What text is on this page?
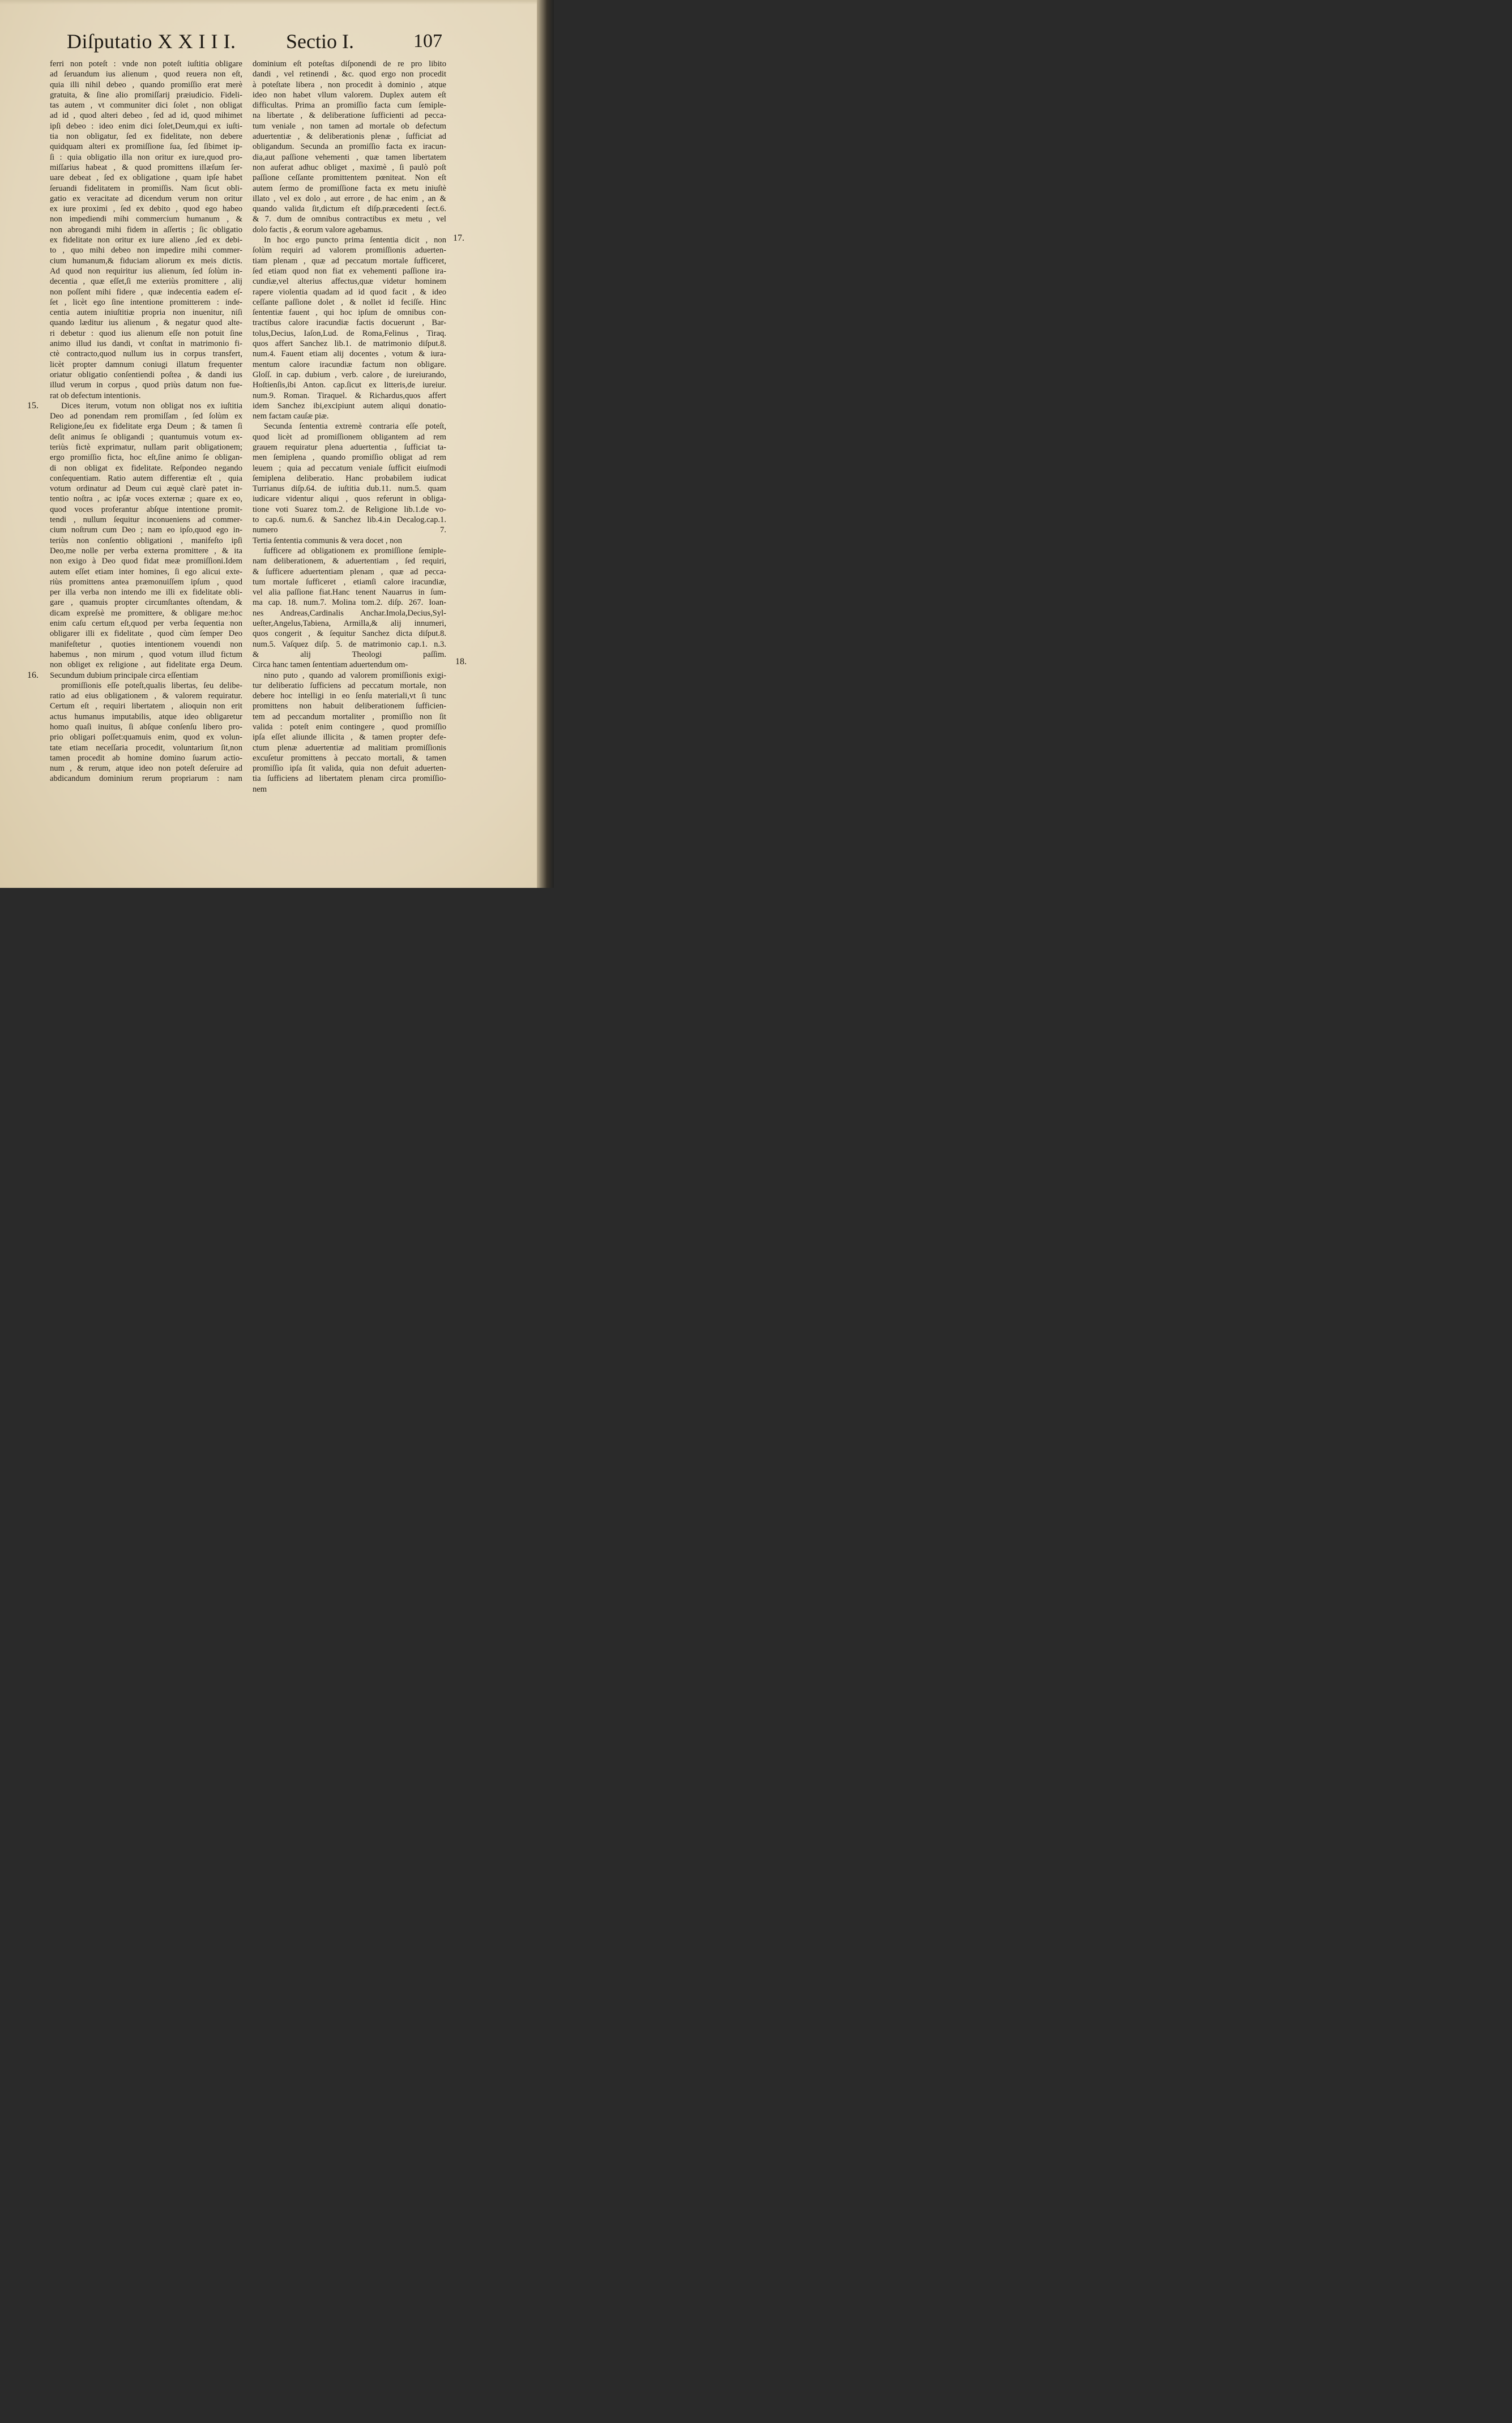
Diſputatio X X I I I. Sectio I.	107
ferri non poteſt : vnde non poteſt iuſtitia obligare
ad ſeruandum ius alienum , quod reuera non eſt,
quia illi nihil debeo , quando promiſſio erat merè
gratuita, & ſine alio promiſſarij præiudicio. Fideli-
tas autem , vt communiter dici ſolet , non obligat
ad id , quod alteri debeo , ſed ad id, quod mihimet
ipſi debeo : ideo enim dici ſolet,Deum,qui ex iuſti-
tia non obligatur, ſed ex fidelitate, non debere
quidquam alteri ex promiſſione ſua, ſed ſibimet ip-
ſi : quia obligatio illa non oritur ex iure,quod pro-
miſſarius habeat , & quod promittens illæſum ſer-
uare debeat , ſed ex obligatione , quam ipſe habet
ſeruandi fidelitatem in promiſſis. Nam ſicut obli-
gatio ex veracitate ad dicendum verum non oritur
ex iure proximi , ſed ex debito , quod ego habeo
non impediendi mihi commercium humanum , &
non abrogandi mihi fidem in aſſertis ; ſic obligatio
ex fidelitate non oritur ex iure alieno ,ſed ex debi-
to , quo mihi debeo non impedire mihi commer-
cium humanum,& fiduciam aliorum ex meis dictis.
Ad quod non requiritur ius alienum, ſed ſolùm in-
decentia , quæ eſſet,ſi me exteriùs promittere , alij
non poſſent mihi fidere , quæ indecentia eadem eſ-
ſet , licèt ego ſine intentione promitterem : inde-
centia autem iniuſtitiæ propria non inuenitur, niſi
quando læditur ius alienum , & negatur quod alte-
ri debetur : quod ius alienum eſſe non potuit ſine
animo illud ius dandi, vt conſtat in matrimonio fi-
ctè contracto,quod nullum ius in corpus transfert,
licèt propter damnum coniugi illatum frequenter
oriatur obligatio conſentiendi poſtea , & dandi ius
illud verum in corpus , quod priùs datum non fue-
rat ob defectum intentionis.
Dices iterum, votum non obligat nos ex iuſtitia
Deo ad ponendam rem promiſſam , ſed ſolùm ex
Religione,ſeu ex fidelitate erga Deum ; & tamen ſi
deſit animus ſe obligandi ; quantumuis votum ex-
teriùs fictè exprimatur, nullam parit obligationem;
ergo promiſſio ficta, hoc eſt,ſine animo ſe obligan-
di non obligat ex fidelitate. Reſpondeo negando
conſequentiam. Ratio autem differentiæ eſt , quia
votum ordinatur ad Deum cui æquè clarè patet in-
tentio noſtra , ac ipſæ voces externæ ; quare ex eo,
quod voces proferantur abſque intentione promit-
tendi , nullum ſequitur inconueniens ad commer-
cium noſtrum cum Deo ; nam eo ipſo,quod ego in-
teriùs non conſentio obligationi , manifeſto ipſi
Deo,me nolle per verba externa promittere , & ita
non exigo à Deo quod fidat meæ promiſſioni.Idem
autem eſſet etiam inter homines, ſi ego alicui exte-
riùs promittens antea præmonuiſſem ipſum , quod
per illa verba non intendo me illi ex fidelitate obli-
gare , quamuis propter circumſtantes oſtendam, &
dicam expreſsè me promittere, & obligare me:hoc
enim caſu certum eſt,quod per verba ſequentia non
obligarer illi ex fidelitate , quod cùm ſemper Deo
manifeſtetur , quoties intentionem vouendi non
habemus , non mirum , quod votum illud fictum
non obliget ex religione , aut fidelitate erga Deum.
Secundum dubium principale circa eſſentiam
promiſſionis eſſe poteſt,qualis libertas, ſeu delibe-
ratio ad eius obligationem , & valorem requiratur.
Certum eſt , requiri libertatem , alioquin non erit
actus humanus imputabilis, atque ideo obligaretur
homo quaſi inuitus, ſi abſque conſenſu libero pro-
prio obligari poſſet:quamuis enim, quod ex volun-
tate etiam neceſſaria procedit, voluntarium ſit,non
tamen procedit ab homine domino ſuarum actio-
num , & rerum, atque ideo non poteſt deſeruire ad
abdicandum dominium rerum propriarum : nam
dominium eſt poteſtas diſponendi de re pro libito
dandi , vel retinendi , &c. quod ergo non procedit
à poteſtate libera , non procedit à dominio , atque
ideo non habet vllum valorem. Duplex autem eſt
difficultas. Prima an promiſſio facta cum ſemiple-
na libertate , & deliberatione ſufficienti ad pecca-
tum veniale , non tamen ad mortale ob defectum
aduertentiæ , & deliberationis plenæ , ſufficiat ad
obligandum. Secunda an promiſſio facta ex iracun-
dia,aut paſſione vehementi , quæ tamen libertatem
non auferat adhuc obliget , maximè , ſi paulò poſt
paſſione ceſſante promittentem pœniteat. Non eſt
autem ſermo de promiſſione facta ex metu iniuſtè
illato , vel ex dolo , aut errore , de hac enim , an &
quando valida ſit,dictum eſt diſp.præcedenti ſect.6.
& 7. dum de omnibus contractibus ex metu , vel
dolo factis , & eorum valore agebamus.
In hoc ergo puncto prima ſententia dicit , non
ſolùm requiri ad valorem promiſſionis aduerten-
tiam plenam , quæ ad peccatum mortale ſufficeret,
ſed etiam quod non fiat ex vehementi paſſione ira-
cundiæ,vel alterius affectus,quæ videtur hominem
rapere violentia quadam ad id quod facit , & ideo
ceſſante paſſione dolet , & nollet id feciſſe. Hinc
ſententiæ fauent , qui hoc ipſum de omnibus con-
tractibus calore iracundiæ factis docuerunt , Bar-
tolus,Decius, Iaſon,Lud. de Roma,Felinus , Tiraq.
quos affert Sanchez lib.1. de matrimonio diſput.8.
num.4. Fauent etiam alij docentes , votum & iura-
mentum calore iracundiæ factum non obligare.
Gloſſ. in cap. dubium , verb. calore , de iureiurando,
Hoſtienſis,ibi Anton. cap.ſicut ex litteris,de iureiur.
num.9. Roman. Tiraquel. & Richardus,quos affert
idem Sanchez ibi,excipiunt autem aliqui donatio-
nem factam cauſæ piæ.
Secunda ſententia extremè contraria eſſe poteſt,
quod licèt ad promiſſionem obligantem ad rem
grauem requiratur plena aduertentia , ſufficiat ta-
men ſemiplena , quando promiſſio obligat ad rem
leuem ; quia ad peccatum veniale ſufficit eiuſmodi
ſemiplena deliberatio. Hanc probabilem iudicat
Turrianus diſp.64. de iuſtitia dub.11. num.5. quam
iudicare videntur aliqui , quos referunt in obliga-
tione voti Suarez tom.2. de Religione lib.1.de vo-
to cap.6. num.6. & Sanchez lib.4.in Decalog.cap.1.
numero 7.
Tertia ſententia communis & vera docet , non
ſufficere ad obligationem ex promiſſione ſemiple-
nam deliberationem, & aduertentiam , ſed requiri,
& ſufficere aduertentiam plenam , quæ ad pecca-
tum mortale ſufficeret , etiamſi calore iracundiæ,
vel alia paſſione fiat.Hanc tenent Nauarrus in ſum-
ma cap. 18. num.7. Molina tom.2. diſp. 267. Ioan-
nes Andreas,Cardinalis Anchar.Imola,Decius,Syl-
ueſter,Angelus,Tabiena, Armilla,& alij innumeri,
quos congerit , & ſequitur Sanchez dicta diſput.8.
num.5. Vaſquez diſp. 5. de matrimonio cap.1. n.3.
& alij Theologi paſſim.
Circa hanc tamen ſententiam aduertendum om-
nino puto , quando ad valorem promiſſionis exigi-
tur deliberatio ſufficiens ad peccatum mortale, non
debere hoc intelligi in eo ſenſu materiali,vt ſi tunc
promittens non habuit deliberationem ſufficien-
tem ad peccandum mortaliter , promiſſio non ſit
valida : poteſt enim contingere , quod promiſſio
ipſa eſſet aliunde illicita , & tamen propter defe-
ctum plenæ aduertentiæ ad malitiam promiſſionis
excuſetur promittens à peccato mortali, & tamen
promiſſio ipſa ſit valida, quia non defuit aduerten-
tia ſufficiens ad libertatem plenam circa promiſſio-
nem
15.
16.
17.
18.
